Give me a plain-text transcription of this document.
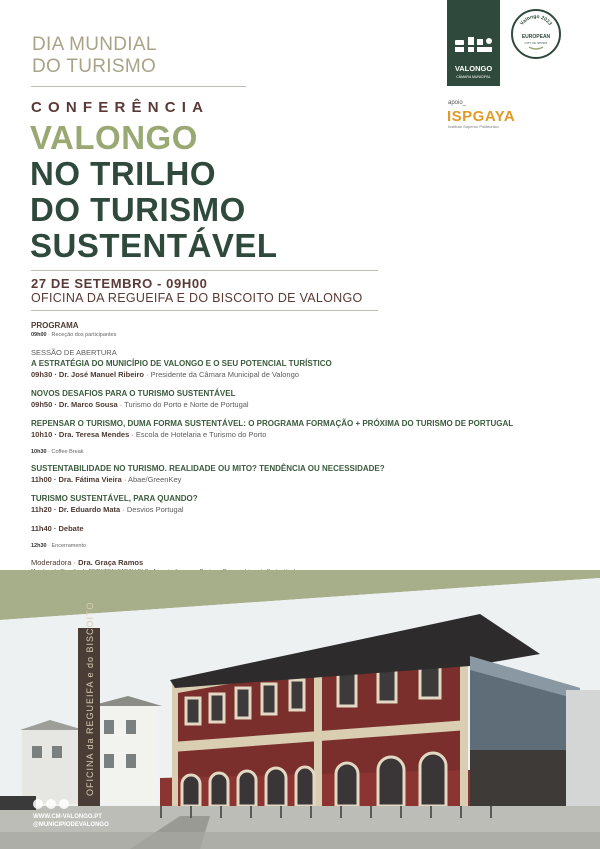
DIA MUNDIAL
DO TURISMO
CONFERÊNCIA
VALONGO
NO TRILHO
DO TURISMO
SUSTENTÁVEL
27 DE SETEMBRO - 09H00
OFICINA DA REGUEIFA E DO BISCOITO DE VALONGO
PROGRAMA
09h00 · Receção dos participantes
SESSÃO DE ABERTURA
A ESTRATÉGIA DO MUNICÍPIO DE VALONGO E O SEU POTENCIAL TURÍSTICO
09h30 · Dr. José Manuel Ribeiro · Presidente da Câmara Municipal de Valongo
NOVOS DESAFIOS PARA O TURISMO SUSTENTÁVEL
09h50 · Dr. Marco Sousa · Turismo do Porto e Norte de Portugal
REPENSAR O TURISMO, DUMA FORMA SUSTENTÁVEL: O PROGRAMA FORMAÇÃO + PRÓXIMA DO TURISMO DE PORTUGAL
10h10 · Dra. Teresa Mendes · Escola de Hotelaria e Turismo do Porto
10h30 · Coffee Break
SUSTENTABILIDADE NO TURISMO. REALIDADE OU MITO? TENDÊNCIA OU NECESSIDADE?
11h00 · Dra. Fátima Vieira · Abae/GreenKey
TURISMO SUSTENTÁVEL, PARA QUANDO?
11h20 · Dr. Eduardo Mata · Desvios Portugal
11h40 · Debate
12h30 · Encerramento
Moderadora · Dra. Graça Ramos
VALONGO
CÂMARA MUNICIPAL
Valongo 2023
EUROPEAN
CITY OF SPORT
apoio_
ISPGAYA
Instituto Superior Politécnico
OFICINA da REGUEIFA e do BISCOITO
WWW.CM-VALONGO.PT
@MUNICIPIODEVALONGO
